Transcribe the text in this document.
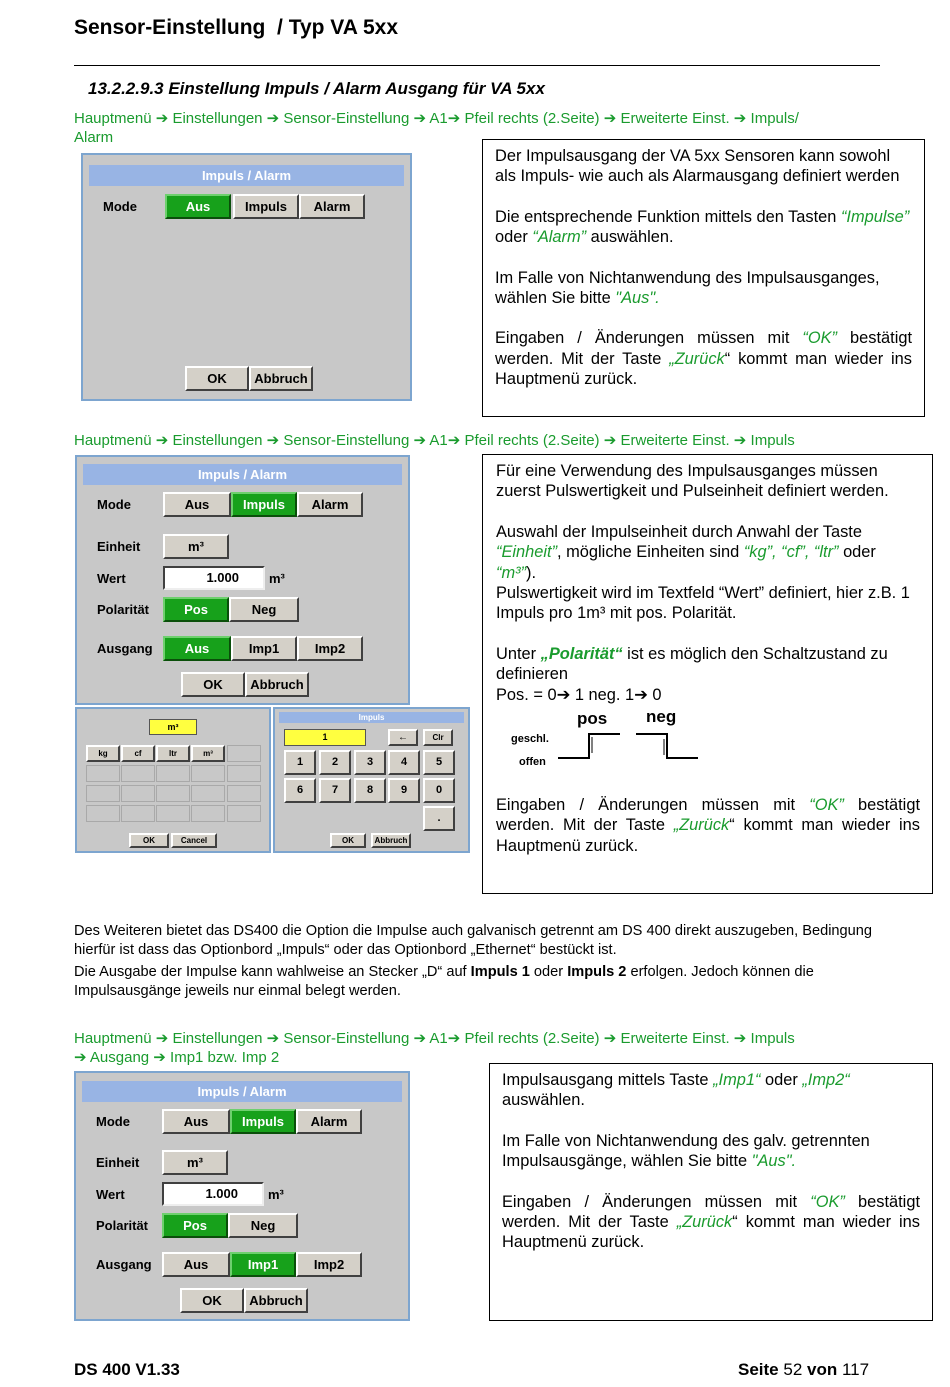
Sensor-Einstellung / Typ VA 5xx
13.2.2.9.3 Einstellung Impuls / Alarm Ausgang für VA 5xx
Hauptmenü ➔ Einstellungen ➔ Sensor-Einstellung ➔ A1➔ Pfeil rechts (2.Seite) ➔ Erweiterte Einst. ➔ Impuls/
Alarm
Impuls / Alarm
Mode	Aus	Impuls	Alarm
OK	Abbruch

Der Impulsausgang der VA 5xx Sensoren kann sowohl als Impuls- wie auch als Alarmausgang definiert werden

Die entsprechende Funktion mittels den Tasten “Impulse” oder “Alarm” auswählen.

Im Falle von Nichtanwendung des Impulsausganges, wählen Sie bitte "Aus".

Eingaben / Änderungen müssen mit “OK” bestätigt werden. Mit der Taste „Zurück“ kommt man wieder ins Hauptmenü zurück.

Hauptmenü ➔ Einstellungen ➔ Sensor-Einstellung ➔ A1➔ Pfeil rechts (2.Seite) ➔ Erweiterte Einst. ➔ Impuls
Impuls / Alarm
Mode	Aus	Impuls	Alarm
Einheit	m³
Wert	1.000	m³
Polarität	Pos	Neg
Ausgang	Aus	Imp1	Imp2
OK	Abbruch
m³
kg	cf	ltr	m³
OK	Cancel
Impuls
1	←	Clr
1	2	3	4	5
6	7	8	9	0
.
OK	Abbruch

Für eine Verwendung des Impulsausganges müssen zuerst Pulswertigkeit und Pulseinheit definiert werden.

Auswahl der Impulseinheit durch Anwahl der Taste “Einheit”, mögliche Einheiten sind “kg”, “cf”, “ltr” oder “m³”).

Pulswertigkeit wird im Textfeld “Wert” definiert, hier z.B. 1 Impuls pro 1m³ mit pos. Polarität.

Unter „Polarität“ ist es möglich den Schaltzustand zu definieren

Pos. = 0➔ 1 neg. 1➔ 0

pos neg
geschl.
offen

Eingaben / Änderungen müssen mit “OK” bestätigt werden. Mit der Taste „Zurück“ kommt man wieder ins Hauptmenü zurück.

Des Weiteren bietet das DS400 die Option die Impulse auch galvanisch getrennt am DS 400 direkt auszugeben, Bedingung hierfür ist dass das Optionbord „Impuls“ oder das Optionbord „Ethernet“ bestückt ist.
Die Ausgabe der Impulse kann wahlweise an Stecker „D“ auf Impuls 1 oder Impuls 2 erfolgen. Jedoch können die Impulsausgänge jeweils nur einmal belegt werden.
Hauptmenü ➔ Einstellungen ➔ Sensor-Einstellung ➔ A1➔ Pfeil rechts (2.Seite) ➔ Erweiterte Einst. ➔ Impuls
➔ Ausgang ➔ Imp1 bzw. Imp 2
Impuls / Alarm
Mode	Aus	Impuls	Alarm
Einheit	m³
Wert	1.000	m³
Polarität	Pos	Neg
Ausgang	Aus	Imp1	Imp2
OK	Abbruch

Impulsausgang mittels Taste „Imp1“ oder „Imp2“ auswählen.

Im Falle von Nichtanwendung des galv. getrennten Impulsausgänge, wählen Sie bitte "Aus".

Eingaben / Änderungen müssen mit “OK” bestätigt werden. Mit der Taste „Zurück“ kommt man wieder ins Hauptmenü zurück.

DS 400 V1.33	Seite 52 von 117
